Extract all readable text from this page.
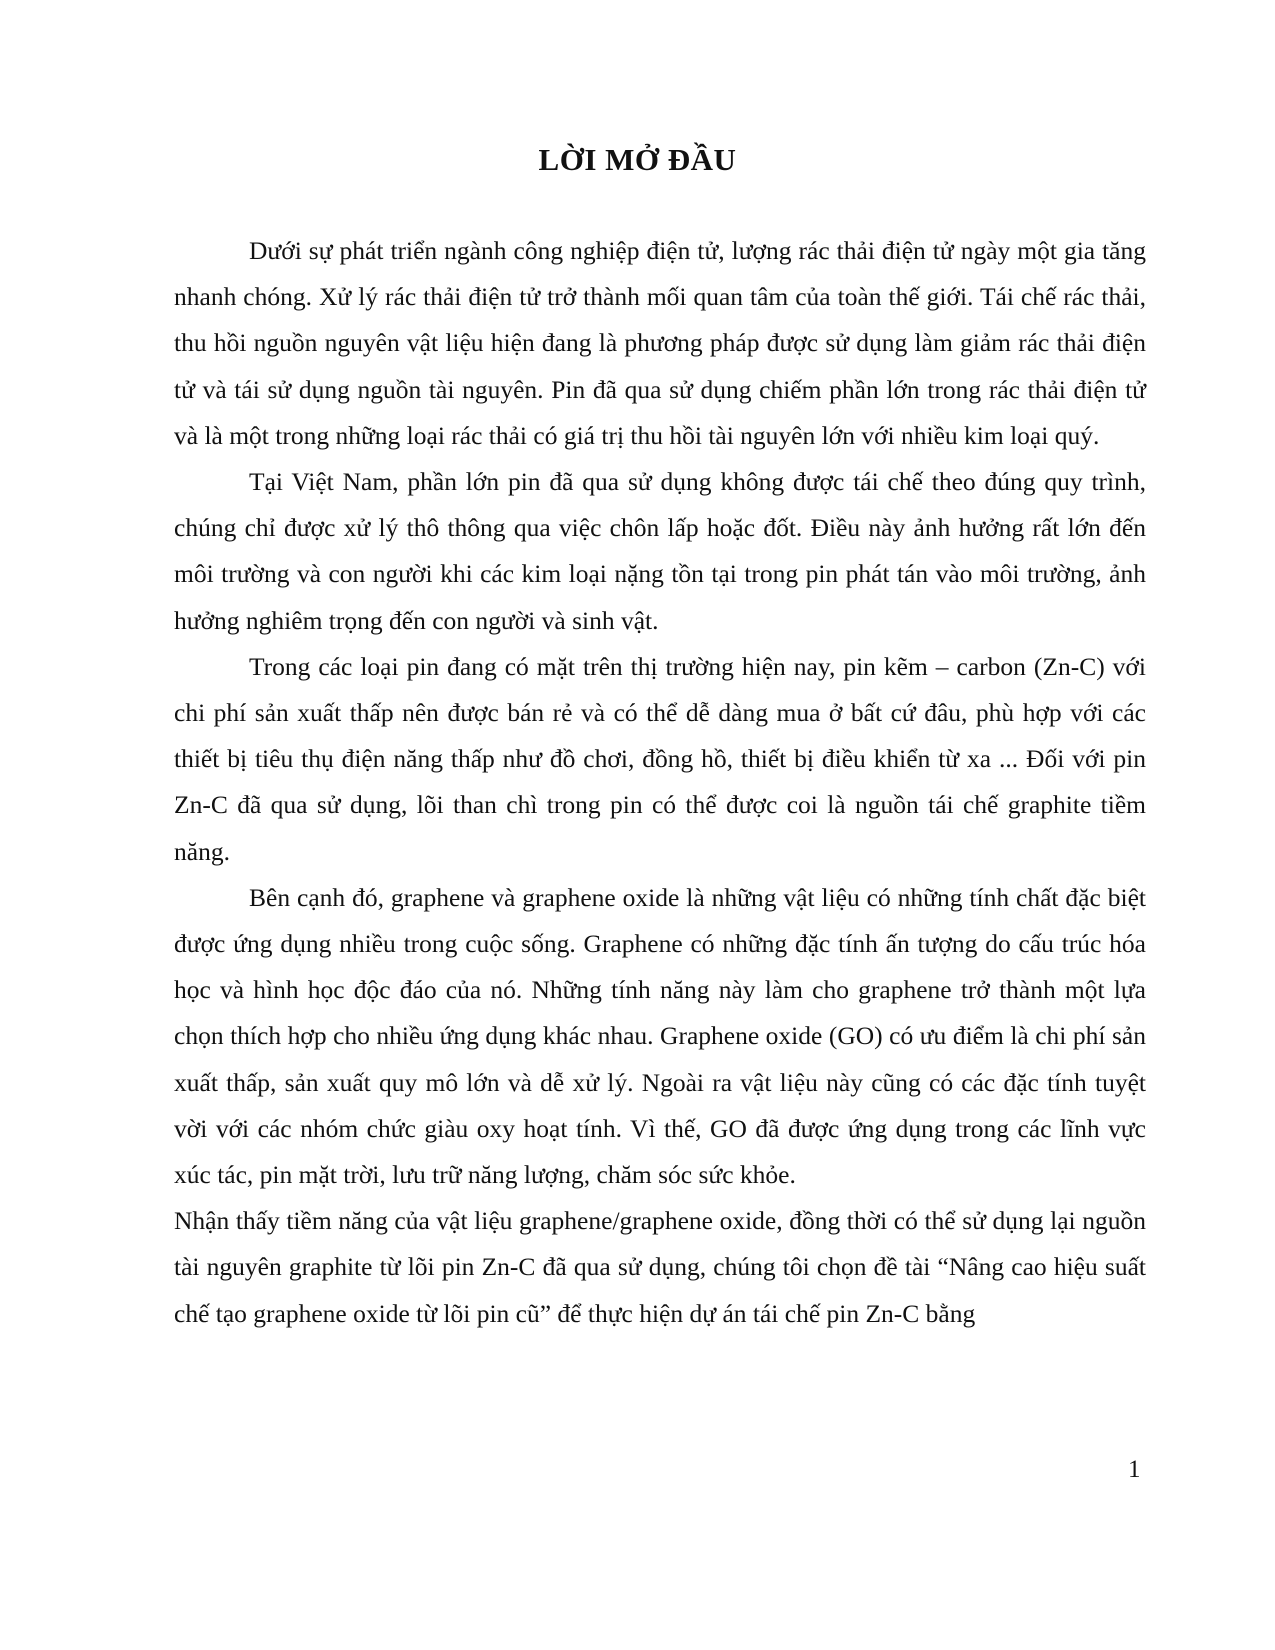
LỜI MỞ ĐẦU

Dưới sự phát triển ngành công nghiệp điện tử, lượng rác thải điện tử ngày một gia tăng nhanh chóng. Xử lý rác thải điện tử trở thành mối quan tâm của toàn thế giới. Tái chế rác thải, thu hồi nguồn nguyên vật liệu hiện đang là phương pháp được sử dụng làm giảm rác thải điện tử và tái sử dụng nguồn tài nguyên. Pin đã qua sử dụng chiếm phần lớn trong rác thải điện tử và là một trong những loại rác thải có giá trị thu hồi tài nguyên lớn với nhiều kim loại quý.

Tại Việt Nam, phần lớn pin đã qua sử dụng không được tái chế theo đúng quy trình, chúng chỉ được xử lý thô thông qua việc chôn lấp hoặc đốt. Điều này ảnh hưởng rất lớn đến môi trường và con người khi các kim loại nặng tồn tại trong pin phát tán vào môi trường, ảnh hưởng nghiêm trọng đến con người và sinh vật.

Trong các loại pin đang có mặt trên thị trường hiện nay, pin kẽm – carbon (Zn-C) với chi phí sản xuất thấp nên được bán rẻ và có thể dễ dàng mua ở bất cứ đâu, phù hợp với các thiết bị tiêu thụ điện năng thấp như đồ chơi, đồng hồ, thiết bị điều khiển từ xa ... Đối với pin Zn-C đã qua sử dụng, lõi than chì trong pin có thể được coi là nguồn tái chế graphite tiềm năng.

Bên cạnh đó, graphene và graphene oxide là những vật liệu có những tính chất đặc biệt được ứng dụng nhiều trong cuộc sống. Graphene có những đặc tính ấn tượng do cấu trúc hóa học và hình học độc đáo của nó. Những tính năng này làm cho graphene trở thành một lựa chọn thích hợp cho nhiều ứng dụng khác nhau. Graphene oxide (GO) có ưu điểm là chi phí sản xuất thấp, sản xuất quy mô lớn và dễ xử lý. Ngoài ra vật liệu này cũng có các đặc tính tuyệt vời với các nhóm chức giàu oxy hoạt tính. Vì thế, GO đã được ứng dụng trong các lĩnh vực xúc tác, pin mặt trời, lưu trữ năng lượng, chăm sóc sức khỏe.

Nhận thấy tiềm năng của vật liệu graphene/graphene oxide, đồng thời có thể sử dụng lại nguồn tài nguyên graphite từ lõi pin Zn-C đã qua sử dụng, chúng tôi chọn đề tài “Nâng cao hiệu suất chế tạo graphene oxide từ lõi pin cũ” để thực hiện dự án tái chế pin Zn-C bằng

1
